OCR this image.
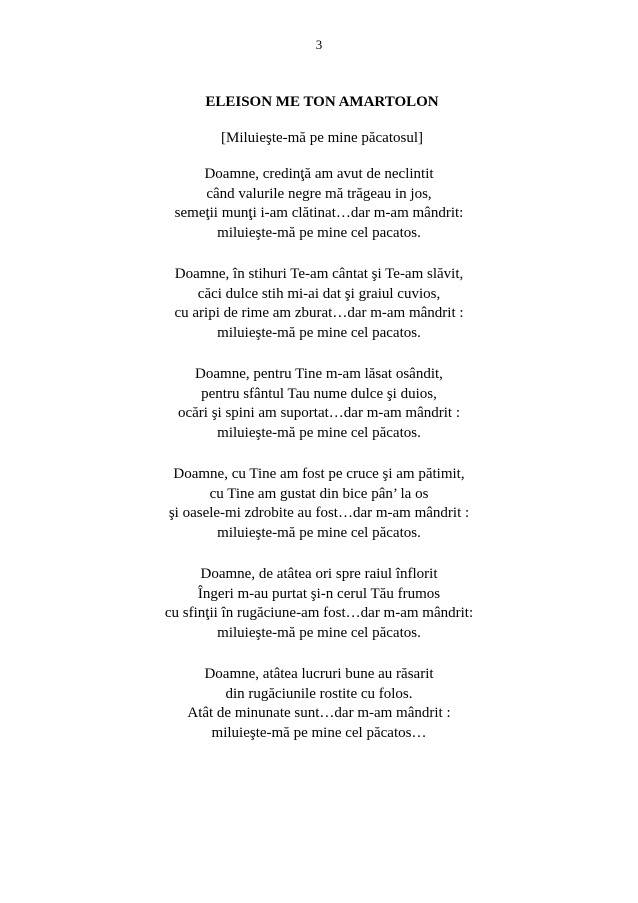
3
ELEISON ME TON AMARTOLON

[Miluieşte-mă pe mine păcatosul]

Doamne, credinţă am avut de neclintit
când valurile negre mă trăgeau in jos,
semeţii munţi i-am clătinat…dar m-am mândrit:
miluieşte-mă pe mine cel pacatos.
Doamne, în stihuri Te-am cântat şi Te-am slăvit,
căci dulce stih mi-ai dat şi graiul cuvios,
cu aripi de rime am zburat…dar m-am mândrit :
miluieşte-mă pe mine cel pacatos.
Doamne, pentru Tine m-am lăsat osândit,
pentru sfântul Tau nume dulce şi duios,
ocări şi spini am suportat…dar m-am mândrit :
miluieşte-mă pe mine cel păcatos.
Doamne, cu Tine am fost pe cruce şi am pătimit,
cu Tine am gustat din bice pân’ la os
şi oasele-mi zdrobite au fost…dar m-am mândrit :
miluieşte-mă pe mine cel păcatos.
Doamne, de atâtea ori spre raiul înflorit
Îngeri m-au purtat şi-n cerul Tău frumos
cu sfinţii în rugăciune-am fost…dar m-am mândrit:
miluieşte-mă pe mine cel păcatos.
Doamne, atâtea lucruri bune au răsarit
din rugăciunile rostite cu folos.
Atât de minunate sunt…dar m-am mândrit :
miluieşte-mă pe mine cel păcatos…
